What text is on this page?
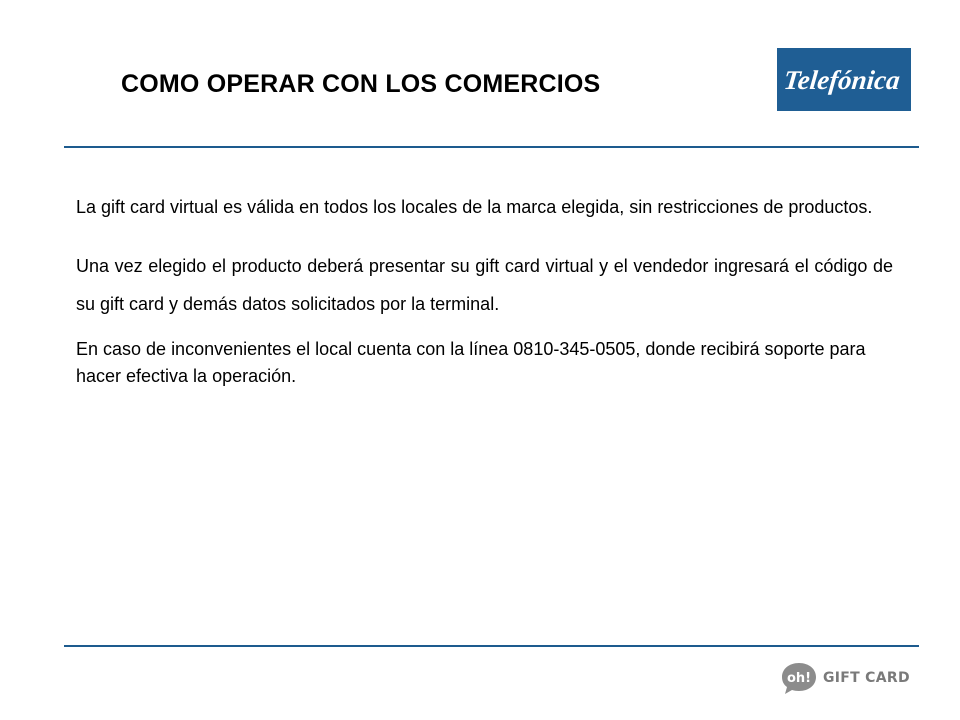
COMO OPERAR CON LOS COMERCIOS	Telefónica

La gift card virtual es válida en todos los locales de la marca elegida, sin restricciones de productos.

Una vez elegido el producto deberá presentar su gift card virtual y el vendedor ingresará el código de su gift card y demás datos solicitados por la terminal.

En caso de inconvenientes el local cuenta con la línea 0810-345-0505, donde recibirá soporte para hacer efectiva la operación.

oh! GIFT CARD
